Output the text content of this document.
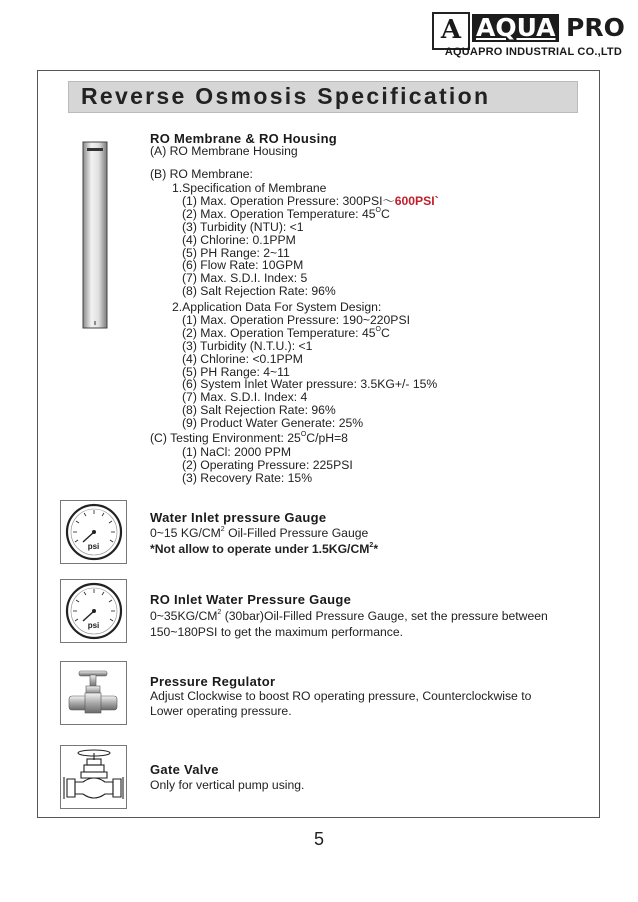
A AQUA PRO
AQUAPRO INDUSTRIAL CO.,LTD
Reverse Osmosis Specification
RO Membrane & RO Housing
(A) RO Membrane Housing
(B) RO Membrane:
1.Specification of Membrane
(1) Max. Operation Pressure: 300PSI～600PSI`
(2) Max. Operation Temperature: $45^OC$
(3) Turbidity (NTU): <1
(4) Chlorine: 0.1PPM
(5) PH Range: 2~11
(6) Flow Rate: 10GPM
(7) Max. S.D.I. Index: 5
(8) Salt Rejection Rate: 96%
2.Application Data For System Design:
(1) Max. Operation Pressure: 190~220PSI
(2) Max. Operation Temperature: $45^OC$
(3) Turbidity (N.T.U.): <1
(4) Chlorine: <0.1PPM
(5) PH Range: 4~11
(6) System Inlet Water pressure: 3.5KG+/- 15%
(7) Max. S.D.I. Index: 4
(8) Salt Rejection Rate: 96%
(9) Product Water Generate: 25%
(C) Testing Environment: $25^OC/pH=8$
(1) NaCl: 2000 PPM
(2) Operating Pressure: 225PSI
(3) Recovery Rate: 15%
psi
Water Inlet pressure Gauge
0~15 $KG/CM^2$ Oil-Filled Pressure Gauge
*Not allow to operate under $1.5KG/CM^2*$
psi
RO Inlet Water Pressure Gauge
$0\sim 35KG/CM^2$ (30bar)Oil-Filled Pressure Gauge, set the pressure between
150~180PSI to get the maximum performance.
Pressure Regulator
Adjust Clockwise to boost RO operating pressure, Counterclockwise to
Lower operating pressure.
Gate Valve
Only for vertical pump using.
5
